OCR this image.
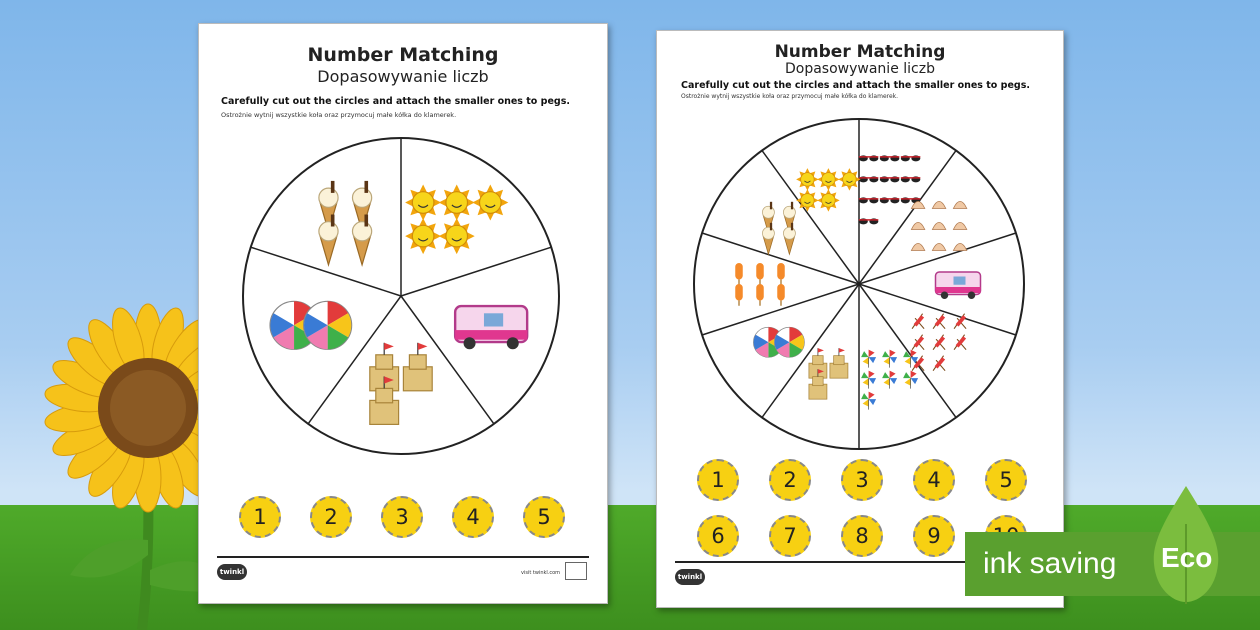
Number Matching
Dopasowywanie liczb
Carefully cut out the circles and attach the smaller ones to pegs.
Ostrożnie wytnij wszystkie koła oraz przymocuj małe kółka do klamerek.
1	2	3	4	5
twinkl	visit twinkl.com
Number Matching
Dopasowywanie liczb
Carefully cut out the circles and attach the smaller ones to pegs.
Ostrożnie wytnij wszystkie koła oraz przymocuj małe kółka do klamerek.
1	2	3	4	5
6	7	8	9
twinkl	ink saving Eco
